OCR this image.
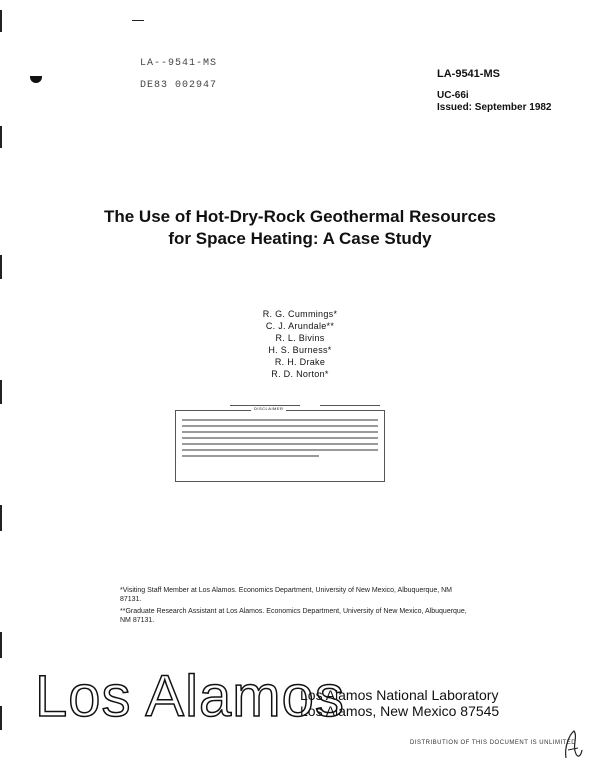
LA--9541-MS
DE83 002947
LA-9541-MS
UC-66i
Issued: September 1982
The Use of Hot-Dry-Rock Geothermal Resources
for Space Heating: A Case Study
R. G. Cummings*
C. J. Arundale**
R. L. Bivins
H. S. Burness*
R. H. Drake
R. D. Norton*
DISCLAIMER

*Visiting Staff Member at Los Alamos. Economics Department, University of New Mexico, Albuquerque, NM 87131.

**Graduate Research Assistant at Los Alamos. Economics Department, University of New Mexico, Albuquerque, NM 87131.

Los Alamos
Los Alamos National Laboratory
Los Alamos, New Mexico 87545
DISTRIBUTION OF THIS DOCUMENT IS UNLIMITED
